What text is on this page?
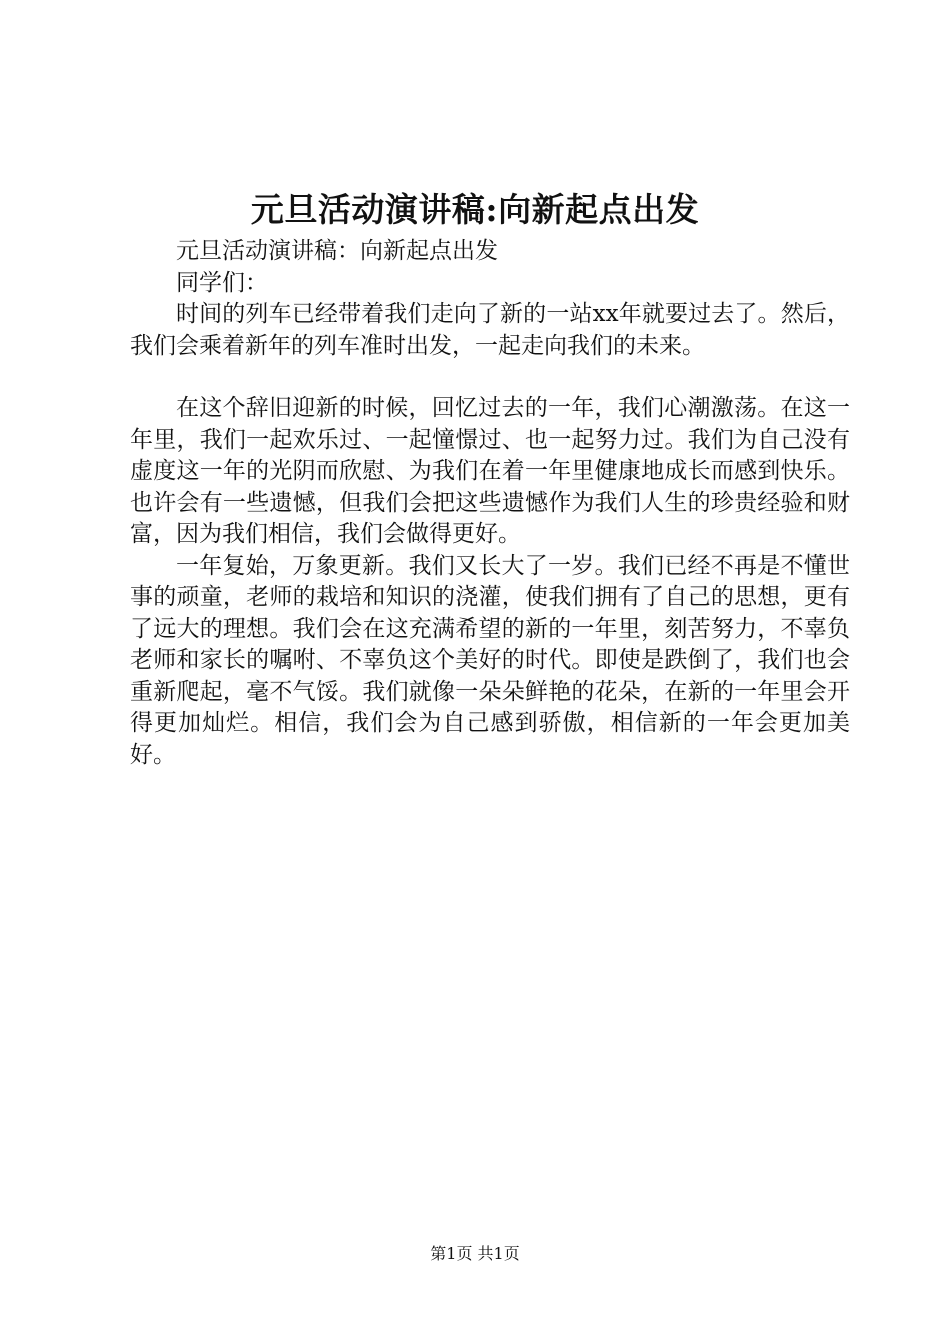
元旦活动演讲稿:向新起点出发

元旦活动演讲稿：向新起点出发

同学们：

时间的列车已经带着我们走向了新的一站xx年就要过去了。然后，我们会乘着新年的列车准时出发，一起走向我们的未来。

在这个辞旧迎新的时候，回忆过去的一年，我们心潮激荡。在这一年里，我们一起欢乐过、一起憧憬过、也一起努力过。我们为自己没有虚度这一年的光阴而欣慰、为我们在着一年里健康地成长而感到快乐。也许会有一些遗憾，但我们会把这些遗憾作为我们人生的珍贵经验和财富，因为我们相信，我们会做得更好。

一年复始，万象更新。我们又长大了一岁。我们已经不再是不懂世事的顽童，老师的栽培和知识的浇灌，使我们拥有了自己的思想，更有了远大的理想。我们会在这充满希望的新的一年里，刻苦努力，不辜负老师和家长的嘱咐、不辜负这个美好的时代。即使是跌倒了，我们也会重新爬起，毫不气馁。我们就像一朵朵鲜艳的花朵，在新的一年里会开得更加灿烂。相信，我们会为自己感到骄傲，相信新的一年会更加美好。

第1页 共1页
